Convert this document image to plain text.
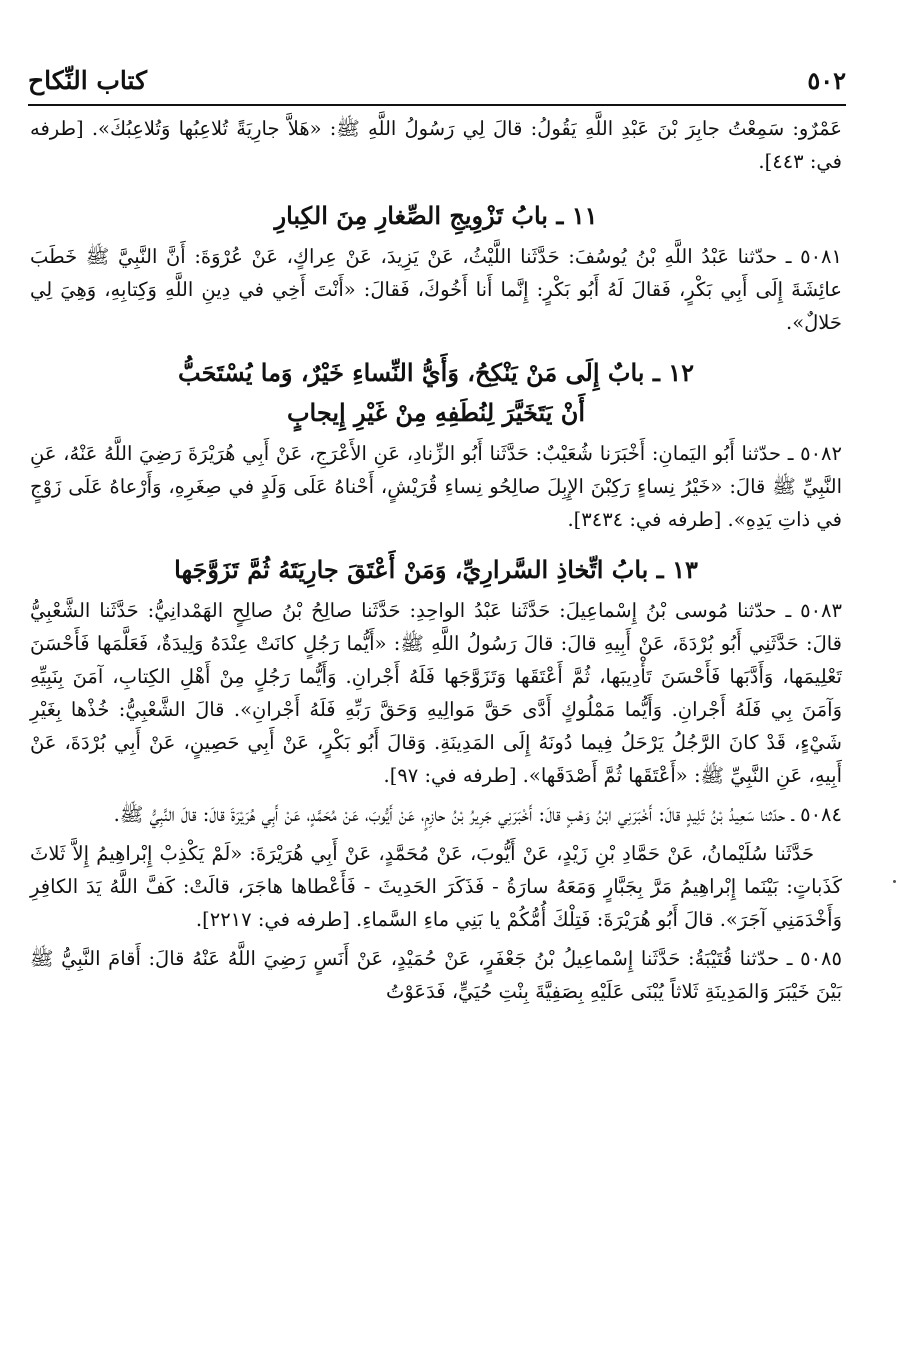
٥٠٢
كتاب النِّكاح

عَمْرٌو: سَمِعْتُ جابِرَ بْنَ عَبْدِ اللَّهِ يَقُولُ: قالَ لِي رَسُولُ اللَّهِ ﷺ: «هَلاَّ جارِيَةً تُلاعِبُها وَتُلاعِبُكَ». [طرفه في: ٤٤٣].

١١ ـ بابُ تَزْوِيجِ الصِّغارِ مِنَ الكِبارِ

٥٠٨١ ـ حدّثنا عَبْدُ اللَّهِ بْنُ يُوسُفَ: حَدَّثَنا اللَّيْثُ، عَنْ يَزِيدَ، عَنْ عِراكٍ، عَنْ عُرْوَةَ: أَنَّ النَّبِيَّ ﷺ خَطَبَ عائِشَةَ إِلَى أَبِي بَكْرٍ، فَقالَ لَهُ أَبُو بَكْرٍ: إِنَّما أَنا أَخُوكَ، فَقالَ: «أَنْتَ أَخِي في دِينِ اللَّهِ وَكِتابِهِ، وَهِيَ لِي حَلالٌ».

١٢ ـ بابٌ إِلَى مَنْ يَنْكِحُ، وَأَيُّ النِّساءِ خَيْرٌ، وَما يُسْتَحَبُّ
أَنْ يَتَخَيَّرَ لِنُطَفِهِ مِنْ غَيْرِ إِيجابٍ

٥٠٨٢ ـ حدّثنا أَبُو اليَمانِ: أَخْبَرَنا شُعَيْبٌ: حَدَّثَنا أَبُو الزِّنادِ، عَنِ الأَعْرَجِ، عَنْ أَبِي هُرَيْرَةَ رَضِيَ اللَّهُ عَنْهُ، عَنِ النَّبِيِّ ﷺ قالَ: «خَيْرُ نِساءٍ رَكِبْنَ الإِبِلَ صالِحُو نِساءِ قُرَيْشٍ، أَحْناهُ عَلَى وَلَدٍ في صِغَرِهِ، وَأَرْعاهُ عَلَى زَوْجٍ في ذاتِ يَدِهِ». [طرفه في: ٣٤٣٤].

١٣ ـ بابُ اتِّخاذِ السَّرارِيِّ، وَمَنْ أَعْتَقَ جارِيَتَهُ ثُمَّ تَزَوَّجَها

٥٠٨٣ ـ حدّثنا مُوسى بْنُ إِسْماعِيلَ: حَدَّثَنا عَبْدُ الواحِدِ: حَدَّثَنا صالِحُ بْنُ صالِحٍ الهَمْدانِيُّ: حَدَّثَنا الشَّعْبِيُّ قالَ: حَدَّثَنِي أَبُو بُرْدَةَ، عَنْ أَبِيهِ قالَ: قالَ رَسُولُ اللَّهِ ﷺ: «أَيُّما رَجُلٍ كانَتْ عِنْدَهُ وَلِيدَةٌ، فَعَلَّمَها فَأَحْسَنَ تَعْلِيمَها، وَأَدَّبَها فَأَحْسَنَ تَأْدِيبَها، ثُمَّ أَعْتَقَها وَتَزَوَّجَها فَلَهُ أَجْرانِ. وَأَيُّما رَجُلٍ مِنْ أَهْلِ الكِتابِ، آمَنَ بِنَبِيِّهِ وَآمَنَ بِي فَلَهُ أَجْرانِ. وَأَيُّما مَمْلُوكٍ أَدَّى حَقَّ مَوالِيهِ وَحَقَّ رَبِّهِ فَلَهُ أَجْرانِ». قالَ الشَّعْبِيُّ: خُذْها بِغَيْرِ شَيْءٍ، قَدْ كانَ الرَّجُلُ يَرْحَلُ فِيما دُونَهُ إِلَى المَدِينَةِ. وَقالَ أَبُو بَكْرٍ، عَنْ أَبِي حَصِينٍ، عَنْ أَبِي بُرْدَةَ، عَنْ أَبِيهِ، عَنِ النَّبِيِّ ﷺ: «أَعْتَقَها ثُمَّ أَصْدَقَها». [طرفه في: ٩٧].

٥٠٨٤ ـ حدّثنا سَعِيدُ بْنُ تَلِيدٍ قالَ: أَخْبَرَنِي ابْنُ وَهْبٍ قالَ: أَخْبَرَنِي جَرِيرُ بْنُ حازِمٍ، عَنْ أَيُّوبَ، عَنْ مُحَمَّدٍ، عَنْ أَبِي هُرَيْرَةَ قالَ: قالَ النَّبِيُّ ﷺ.

حَدَّثَنا سُلَيْمانُ، عَنْ حَمَّادِ بْنِ زَيْدٍ، عَنْ أَيُّوبَ، عَنْ مُحَمَّدٍ، عَنْ أَبِي هُرَيْرَةَ: «لَمْ يَكْذِبْ إِبْراهِيمُ إِلاَّ ثَلاثَ كَذَباتٍ: بَيْنَما إِبْراهِيمُ مَرَّ بِجَبَّارٍ وَمَعَهُ سارَةُ - فَذَكَرَ الحَدِيثَ - فَأَعْطاها هاجَرَ، قالَتْ: كَفَّ اللَّهُ يَدَ الكافِرِ وَأَخْدَمَنِي آجَرَ». قالَ أَبُو هُرَيْرَةَ: فَتِلْكَ أُمُّكُمْ يا بَنِي ماءِ السَّماءِ. [طرفه في: ٢٢١٧].

٥٠٨٥ ـ حدّثنا قُتَيْبَةُ: حَدَّثَنا إِسْماعِيلُ بْنُ جَعْفَرٍ، عَنْ حُمَيْدٍ، عَنْ أَنَسٍ رَضِيَ اللَّهُ عَنْهُ قالَ: أَقامَ النَّبِيُّ ﷺ بَيْنَ خَيْبَرَ وَالمَدِينَةِ ثَلاثاً يُبْنَى عَلَيْهِ بِصَفِيَّةَ بِنْتِ حُيَيٍّ، فَدَعَوْتُ
